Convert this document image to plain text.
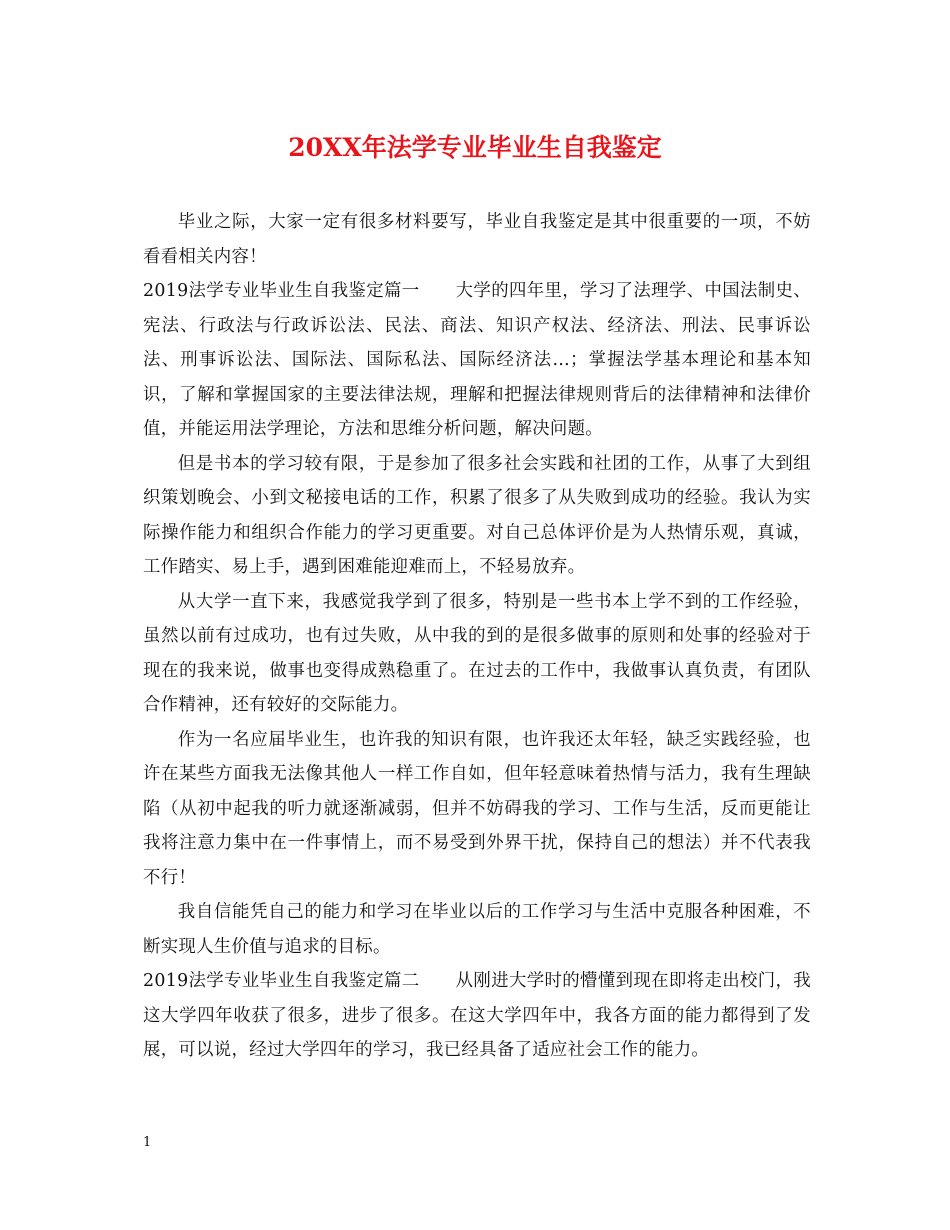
20XX年法学专业毕业生自我鉴定

毕业之际，大家一定有很多材料要写，毕业自我鉴定是其中很重要的一项，不妨看看相关内容！

2019法学专业毕业生自我鉴定篇一 大学的四年里，学习了法理学、中国法制史、宪法、行政法与行政诉讼法、民法、商法、知识产权法、经济法、刑法、民事诉讼法、刑事诉讼法、国际法、国际私法、国际经济法…；掌握法学基本理论和基本知识，了解和掌握国家的主要法律法规，理解和把握法律规则背后的法律精神和法律价值，并能运用法学理论，方法和思维分析问题，解决问题。

但是书本的学习较有限，于是参加了很多社会实践和社团的工作，从事了大到组织策划晚会、小到文秘接电话的工作，积累了很多了从失败到成功的经验。我认为实际操作能力和组织合作能力的学习更重要。对自己总体评价是为人热情乐观，真诚，工作踏实、易上手，遇到困难能迎难而上，不轻易放弃。

从大学一直下来，我感觉我学到了很多，特别是一些书本上学不到的工作经验，虽然以前有过成功，也有过失败，从中我的到的是很多做事的原则和处事的经验对于现在的我来说，做事也变得成熟稳重了。在过去的工作中，我做事认真负责，有团队合作精神，还有较好的交际能力。

作为一名应届毕业生，也许我的知识有限，也许我还太年轻，缺乏实践经验，也许在某些方面我无法像其他人一样工作自如，但年轻意味着热情与活力，我有生理缺陷（从初中起我的听力就逐渐减弱，但并不妨碍我的学习、工作与生活，反而更能让我将注意力集中在一件事情上，而不易受到外界干扰，保持自己的想法）并不代表我不行！

我自信能凭自己的能力和学习在毕业以后的工作学习与生活中克服各种困难，不断实现人生价值与追求的目标。

2019法学专业毕业生自我鉴定篇二 从刚进大学时的懵懂到现在即将走出校门，我这大学四年收获了很多，进步了很多。在这大学四年中，我各方面的能力都得到了发展，可以说，经过大学四年的学习，我已经具备了适应社会工作的能力。

1
